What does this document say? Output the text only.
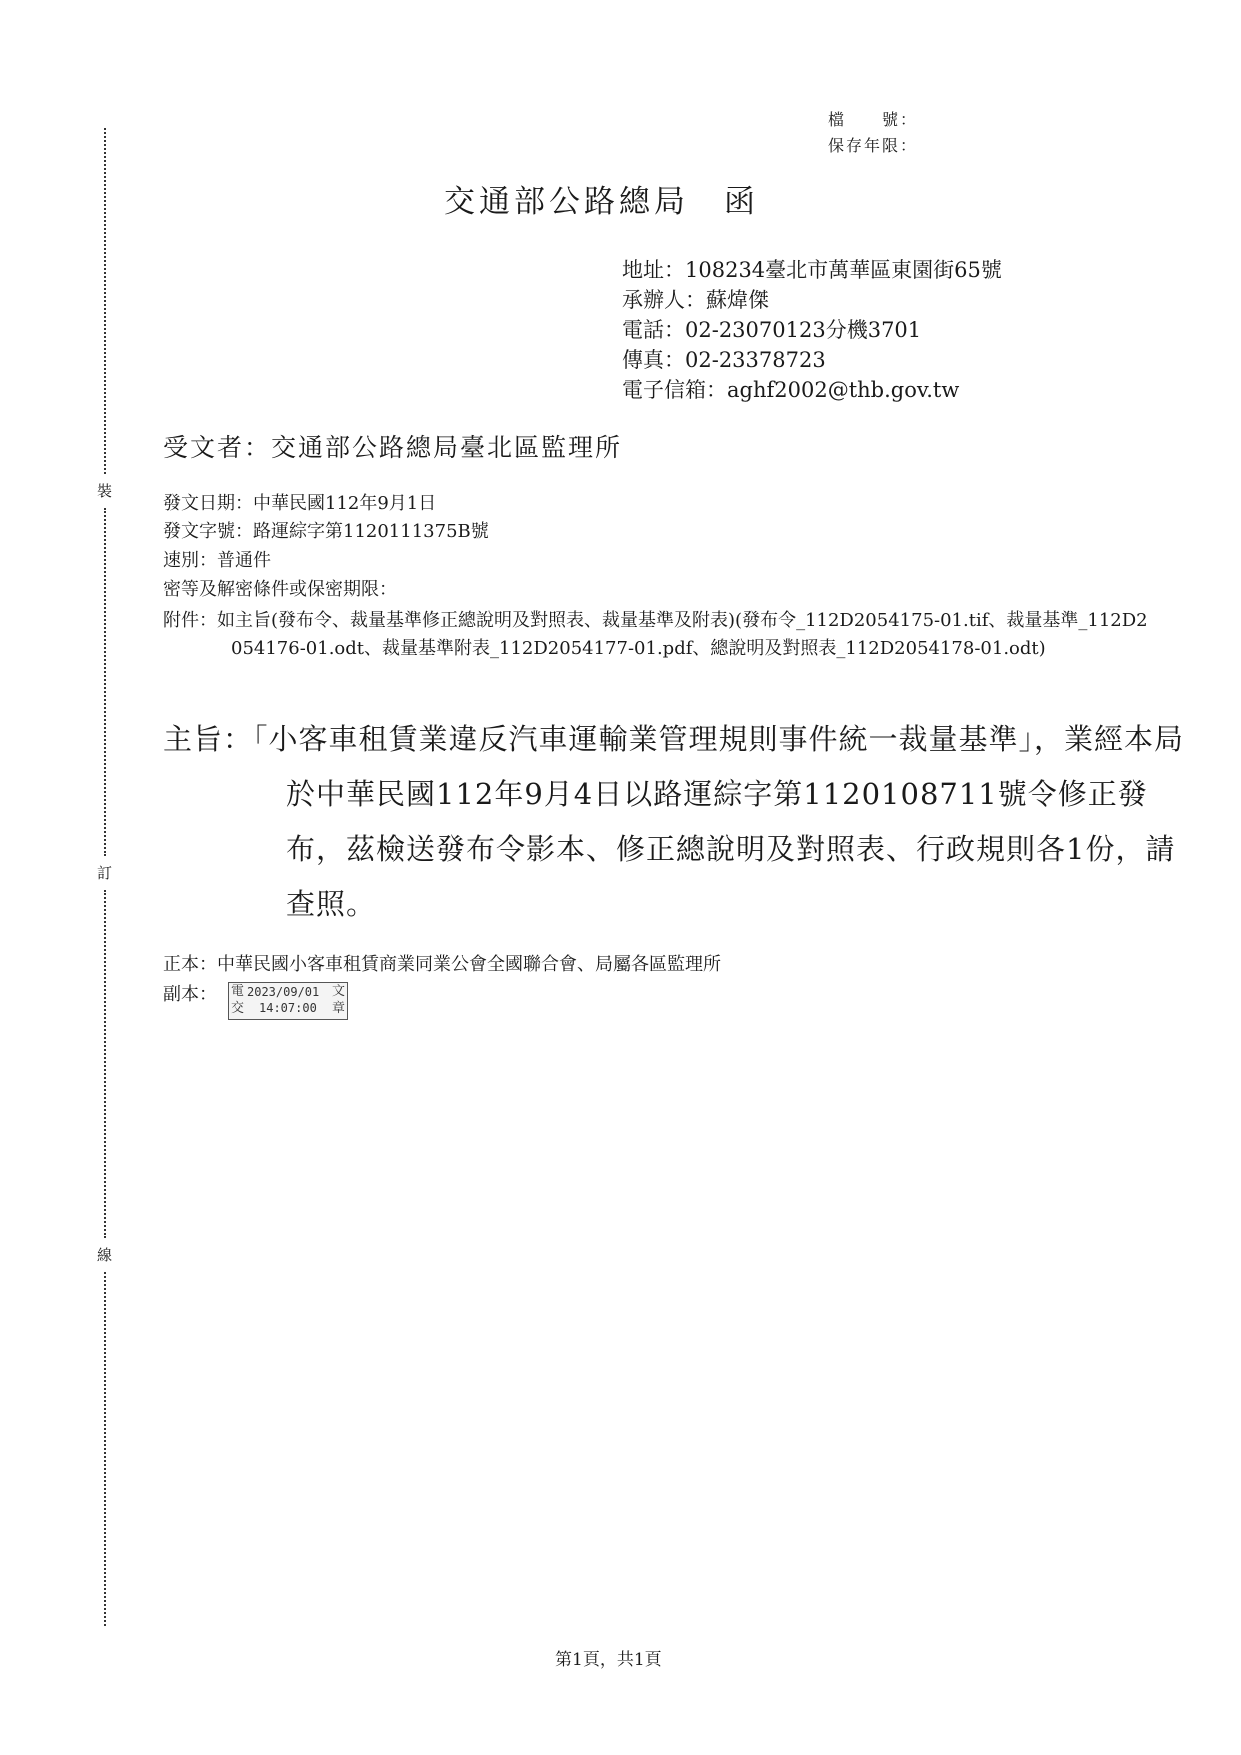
裝
訂
線
檔　　號：
保存年限：
交通部公路總局　函
地址：108234臺北市萬華區東園街65號
承辦人：蘇煒傑
電話：02-23070123分機3701
傳真：02-23378723
電子信箱：aghf2002@thb.gov.tw
受文者：交通部公路總局臺北區監理所
發文日期：中華民國112年9月1日
發文字號：路運綜字第1120111375B號
速別：普通件
密等及解密條件或保密期限：
附件：如主旨(發布令、裁量基準修正總說明及對照表、裁量基準及附表)(發布令_112D2054175-01.tif、裁量基準_112D2054176-01.odt、裁量基準附表_112D2054177-01.pdf、總說明及對照表_112D2054178-01.odt)
主旨：「小客車租賃業違反汽車運輸業管理規則事件統一裁量基準」，業經本局於中華民國112年9月4日以路運綜字第1120108711號令修正發布，茲檢送發布令影本、修正總說明及對照表、行政規則各1份，請查照。
正本：中華民國小客車租賃商業同業公會全國聯合會、局屬各區監理所
副本： 電
交
2023/09/01
14:07:00
文
章
第1頁，共1頁
